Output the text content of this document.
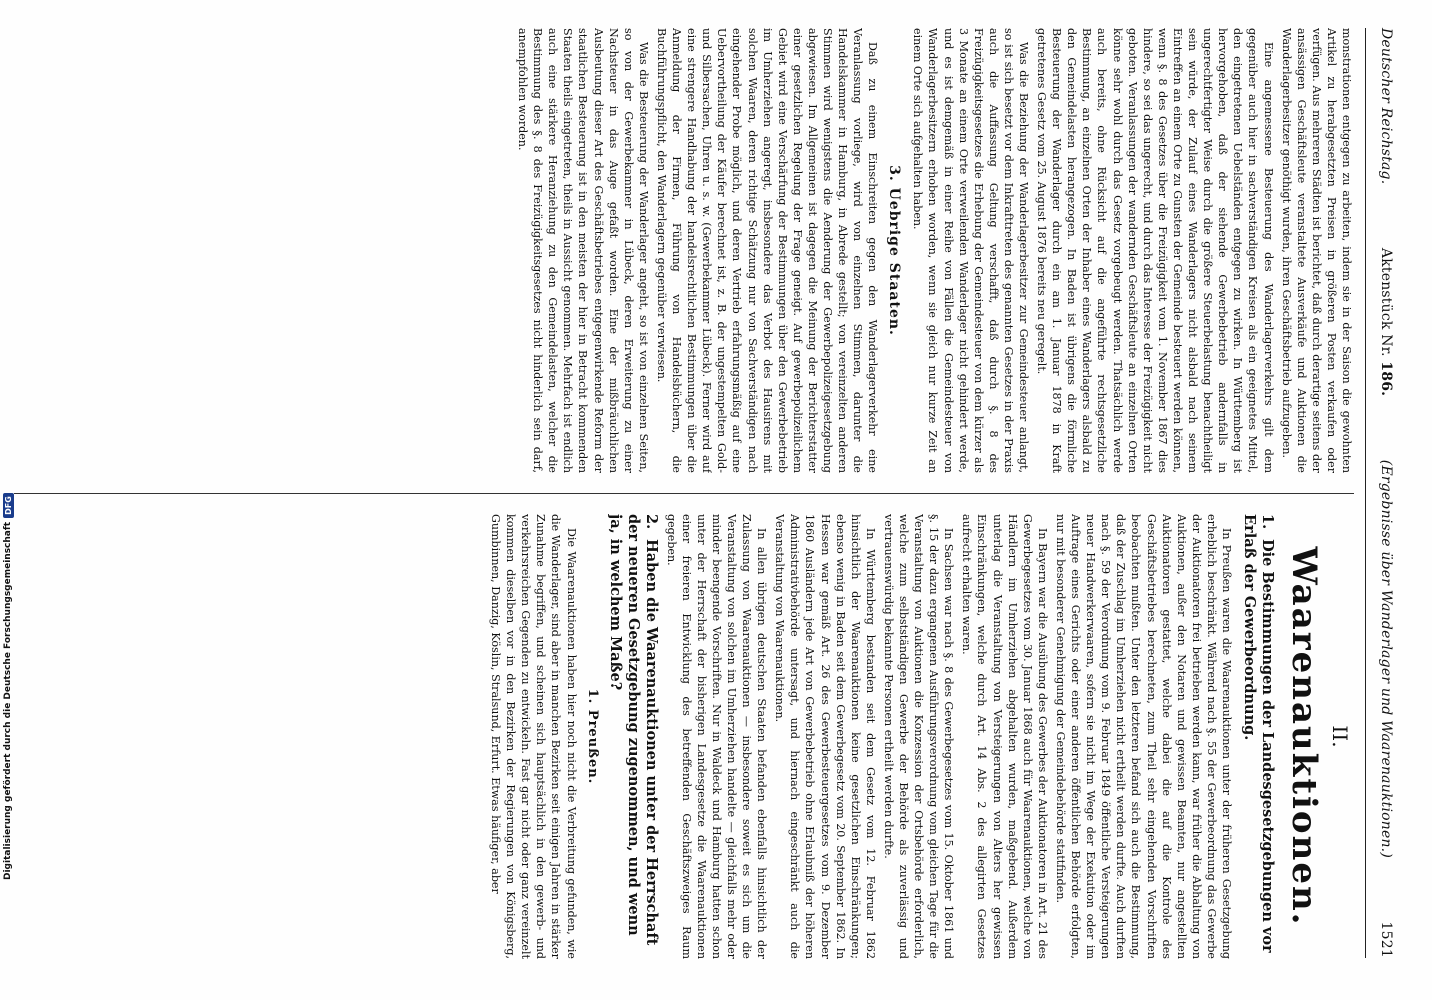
Deutscher Reichstag.
Aktenstück Nr. 186.
(Ergebnisse über Wanderlager und Waarenauktionen.)
1521

monstrationen entgegen zu arbeiten, indem sie in der Saison die gewohnten Artikel zu herabgesetzten Preisen in größeren Posten verkaufen oder verfügen. Aus mehreren Städten ist berichtet, daß durch derartige seitens der ansässigen Geschäftsleute veranstaltete Ausverkäufe und Auktionen die Wanderlagerbesitzer genöthigt wurden, ihren Geschäftsbetrieb aufzugeben.

Eine angemessene Besteuerung des Wanderlagerverkehrs gilt dem gegenüber auch hier in sachverständigen Kreisen als ein geeignetes Mittel, den eingetretenen Uebelständen entgegen zu wirken. In Württemberg ist hervorgehoben, daß der siehende Gewerbebetrieb andernfalls in ungerechtfertigter Weise durch die größere Steuerbelastung benachtheiligt sein würde, der Zulauf eines Wanderlagers nicht alsbald nach seinem Eintreffen an einem Orte zu Gunsten der Gemeinde besteuert werden können, wenn §. 8 des Gesetzes über die Freizügigkeit vom 1. November 1867 dies hindere, so sei das ungerecht, und durch das Interesse der Freizügigkeit nicht geboten. Veranlassungen der wandernden Geschäftsleute an einzelnen Orten könne sehr wohl durch das Gesetz vorgebeugt werden. Thatsächlich werde auch bereits, ohne Rücksicht auf die angeführte rechtsgesetzliche Bestimmung, an einzelnen Orten der Inhaber eines Wanderlagers alsbald zu den Gemeindelasten herangezogen. In Baden ist übrigens die förmliche Besteuerung der Wanderlager durch ein am 1. Januar 1878 in Kraft getretenes Gesetz vom 25. August 1876 bereits neu geregelt.

Was die Beziehung der Wanderlagerbesitzer zur Gemeindesteuer anlangt, so ist sich besetzt vor dem Inkrafttreten des genannten Gesetzes in der Praxis auch die Auffassung Geltung verschafft, daß durch §. 8 des Freizügigkeitsgesetzes die Erhebung der Gemeindesteuer von dem kürzer als 3 Monate an einem Orte verweilenden Wanderlager nicht gehindert werde, und es ist demgemäß in einer Reihe von Fällen die Gemeindesteuer von Wanderlagerbesitzern erhoben worden, wenn sie gleich nur kurze Zeit an einem Orte sich aufgehalten haben.

3. Uebrige Staaten.

Daß zu einem Einschreiten gegen den Wanderlagerverkehr eine Veranlassung vorliege, wird von einzelnen Stimmen, darunter die Handelskammer in Hamburg, in Abrede gestellt; von vereinzelten anderen Stimmen wird wenigstens die Aenderung der Gewerbepolizeigesetzgebung abgewiesen. Im Allgemeinen ist dagegen die Meinung der Berichterstatter einer gesetzlichen Regelung der Frage geneigt. Auf gewerbepolizeilichem Gebiet wird eine Verschärfung der Bestimmungen über den Gewerbebetrieb im Umherziehen angeregt, insbesondere das Verbot des Hausirens mit solchen Waaren, deren richtige Schätzung nur von Sachverständigen nach eingehender Probe möglich, und deren Vertrieb erfahrungsmäßig auf eine Uebervortheilung der Käufer berechnet ist, z. B. der ungestempelten Gold- und Silbersachen, Uhren u. s. w. (Gewerbekammer Lübeck). Ferner wird auf eine strengere Handhabung der handelsrechtlichen Bestimmungen über die Anmeldung der Firmen, Führung von Handelsbüchern, die Buchführungspflicht, den Wanderlagern gegenüber verwiesen.

Was die Besteuerung der Wanderlager angeht, so ist von einzelnen Seiten, so von der Gewerbekammer in Lübeck, deren Erweiterung zu einer Nachsteuer in das Auge gefaßt worden. Eine der mißbräuchlichen Ausbeutung dieser Art des Geschäftsbetriebes entgegenwirkende Reform der staatlichen Besteuerung ist in den meisten der hier in Betracht kommenden Staaten theils eingetreten, theils in Aussicht genommen. Mehrfach ist endlich auch eine stärkere Heranziehung zu den Gemeindelasten, welcher die Bestimmung des §. 8 des Freizügigkeitsgesetzes nicht hinderlich sein darf, anempfohlen worden.

II.
Waarenauktionen.
1. Die Bestimmungen der Landesgesetzgebungen vor Erlaß der Gewerbeordnung.

In Preußen waren die Waarenauktionen unter der früheren Gesetzgebung erheblich beschränkt. Während nach §. 55 der Gewerbeordnung das Gewerbe der Auktionatoren frei betrieben werden kann, war früher die Abhaltung von Auktionen, außer den Notaren und gewissen Beamten, nur angestellten Auktionatoren gestattet, welche dabei die auf die Kontrole des Geschäftsbetriebes berechneten, zum Theil sehr eingehenden Vorschriften beobachten mußten. Unter den letzteren befand sich auch die Bestimmung, daß der Zuschlag im Umherziehen nicht ertheilt werden durfte. Auch durften nach §. 59 der Verordnung vom 9. Februar 1849 öffentliche Versteigerungen neuer Handwerkerwaaren, sofern sie nicht im Wege der Exekution oder im Auftrage eines Gerichts oder einer anderen öffentlichen Behörde erfolgten, nur mit besonderer Genehmigung der Gemeindebehörde stattfinden.

In Bayern war die Ausübung des Gewerbes der Auktionatoren in Art. 21 des Gewerbegesetzes vom 30. Januar 1868 auch für Waarenauktionen, welche von Händlern im Umherziehen abgehalten wurden, maßgebend. Außerdem unterlag die Veranstaltung von Versteigerungen von Alters her gewissen Einschränkungen, welche durch Art. 14 Abs. 2 des allegirten Gesetzes aufrecht erhalten waren.

In Sachsen war nach §. 8 des Gewerbegesetzes vom 15. Oktober 1861 und §. 15 der dazu ergangenen Ausführungsverordnung vom gleichen Tage für die Veranstaltung von Auktionen die Konzession der Ortsbehörde erforderlich, welche zum selbstständigen Gewerbe der Behörde als zuverlässig und vertrauenswürdig bekannte Personen ertheilt werden durfte.

In Württemberg bestanden seit dem Gesetz vom 12. Februar 1862 hinsichtlich der Waarenauktionen keine gesetzlichen Einschränkungen; ebenso wenig in Baden seit dem Gewerbegesetz vom 20. September 1862. In Hessen war gemäß Art. 26 des Gewerbesteuergesetzes vom 9. Dezember 1860 Ausländern jede Art von Gewerbebetrieb ohne Erlaubniß der höheren Administrativbehörde untersagt, und hiernach eingeschränkt auch die Veranstaltung von Waarenauktionen.

In allen übrigen deutschen Staaten befanden ebenfalls hinsichtlich der Zulassung von Waarenauktionen — insbesondere soweit es sich um die Veranstaltung von solchen im Umherziehen handelte — gleichfalls mehr oder minder beengende Vorschriften. Nur in Waldeck und Hamburg hatten schon unter der Herrschaft der bisherigen Landesgesetze die Waarenauktionen einer freieren Entwicklung des betreffenden Geschäftszweiges Raum gegeben.

2. Haben die Waarenauktionen unter der Herrschaft der neueren Gesetzgebung zugenommen, und wenn ja, in welchem Maße?
1. Preußen.

Die Waarenauktionen haben hier noch nicht die Verbreitung gefunden, wie die Wanderlager, sind aber in manchen Bezirken seit einigen Jahren in stärker Zunahme begriffen, und scheinen sich hauptsächlich in den gewerb- und verkehrsreichen Gegenden zu entwickeln. Fast gar nicht oder ganz vereinzelt kommen dieselben vor in den Bezirken der Regierungen von Königsberg, Gumbinnen, Danzig, Köslin, Stralsund, Erfurt. Etwas häufiger, aber

Digitalisierung gefördert durch die Deutsche Forschungsgemeinschaft
DFG
